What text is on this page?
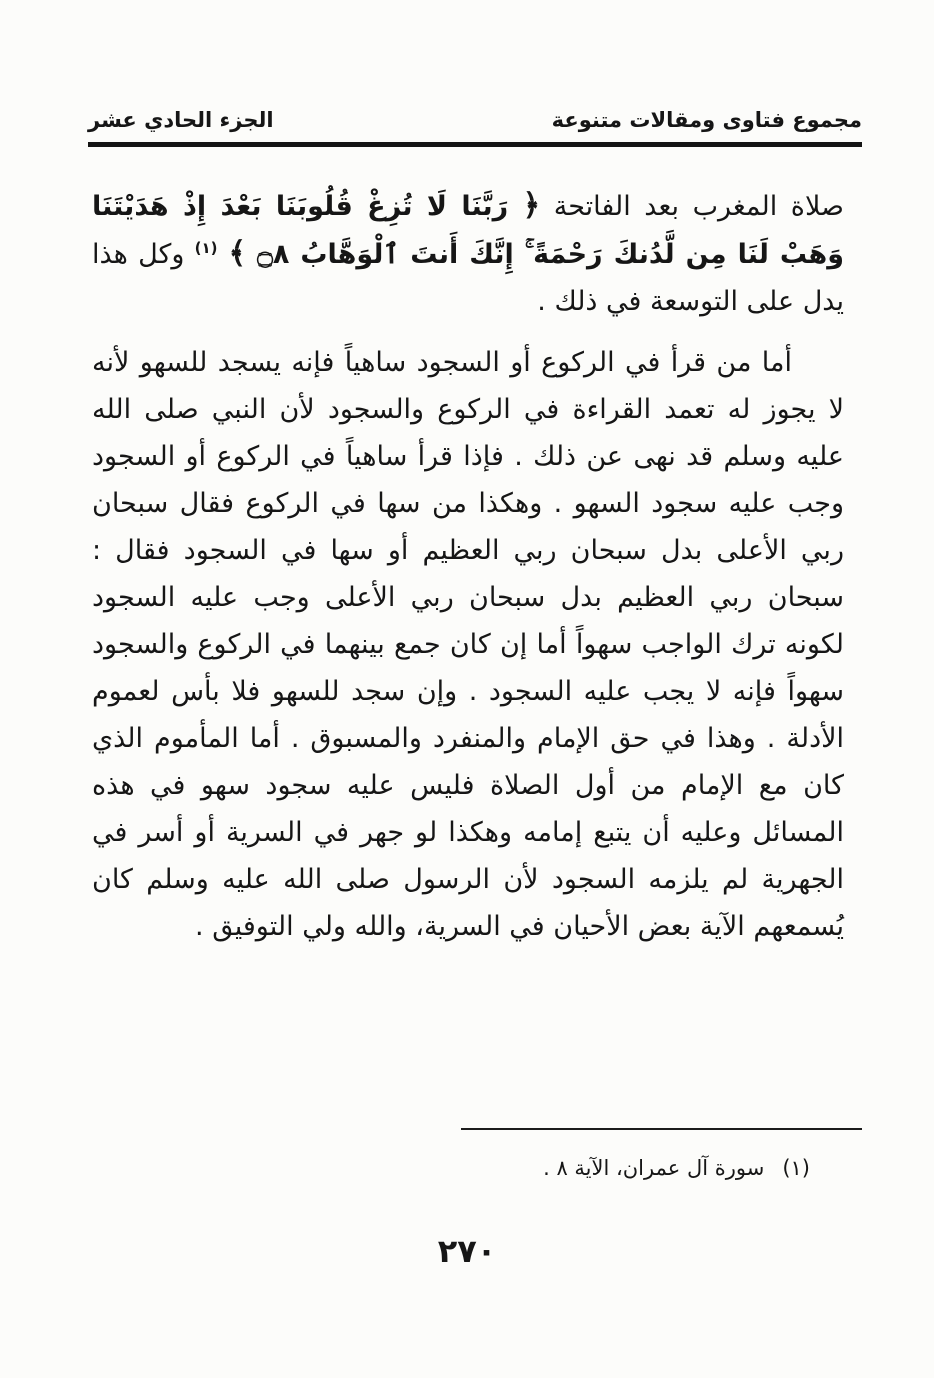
مجموع فتاوى ومقالات متنوعة
الجزء الحادي عشر

صلاة المغرب بعد الفاتحة ﴿ رَبَّنَا لَا تُزِغْ قُلُوبَنَا بَعْدَ إِذْ هَدَيْتَنَا وَهَبْ لَنَا مِن لَّدُنكَ رَحْمَةً ۚ إِنَّكَ أَنتَ ٱلْوَهَّابُ ۝٨ ﴾ $^{(١)}$ وكل هذا يدل على التوسعة في ذلك .

أما من قرأ في الركوع أو السجود ساهياً فإنه يسجد للسهو لأنه لا يجوز له تعمد القراءة في الركوع والسجود لأن النبي صلى الله عليه وسلم قد نهى عن ذلك . فإذا قرأ ساهياً في الركوع أو السجود وجب عليه سجود السهو . وهكذا من سها في الركوع فقال سبحان ربي الأعلى بدل سبحان ربي العظيم أو سها في السجود فقال : سبحان ربي العظيم بدل سبحان ربي الأعلى وجب عليه السجود لكونه ترك الواجب سهواً أما إن كان جمع بينهما في الركوع والسجود سهواً فإنه لا يجب عليه السجود . وإن سجد للسهو فلا بأس لعموم الأدلة . وهذا في حق الإمام والمنفرد والمسبوق . أما المأموم الذي كان مع الإمام من أول الصلاة فليس عليه سجود سهو في هذه المسائل وعليه أن يتبع إمامه وهكذا لو جهر في السرية أو أسر في الجهرية لم يلزمه السجود لأن الرسول صلى الله عليه وسلم كان يُسمعهم الآية بعض الأحيان في السرية، والله ولي التوفيق .

(١)سورة آل عمران، الآية ٨ .
٢٧٠
